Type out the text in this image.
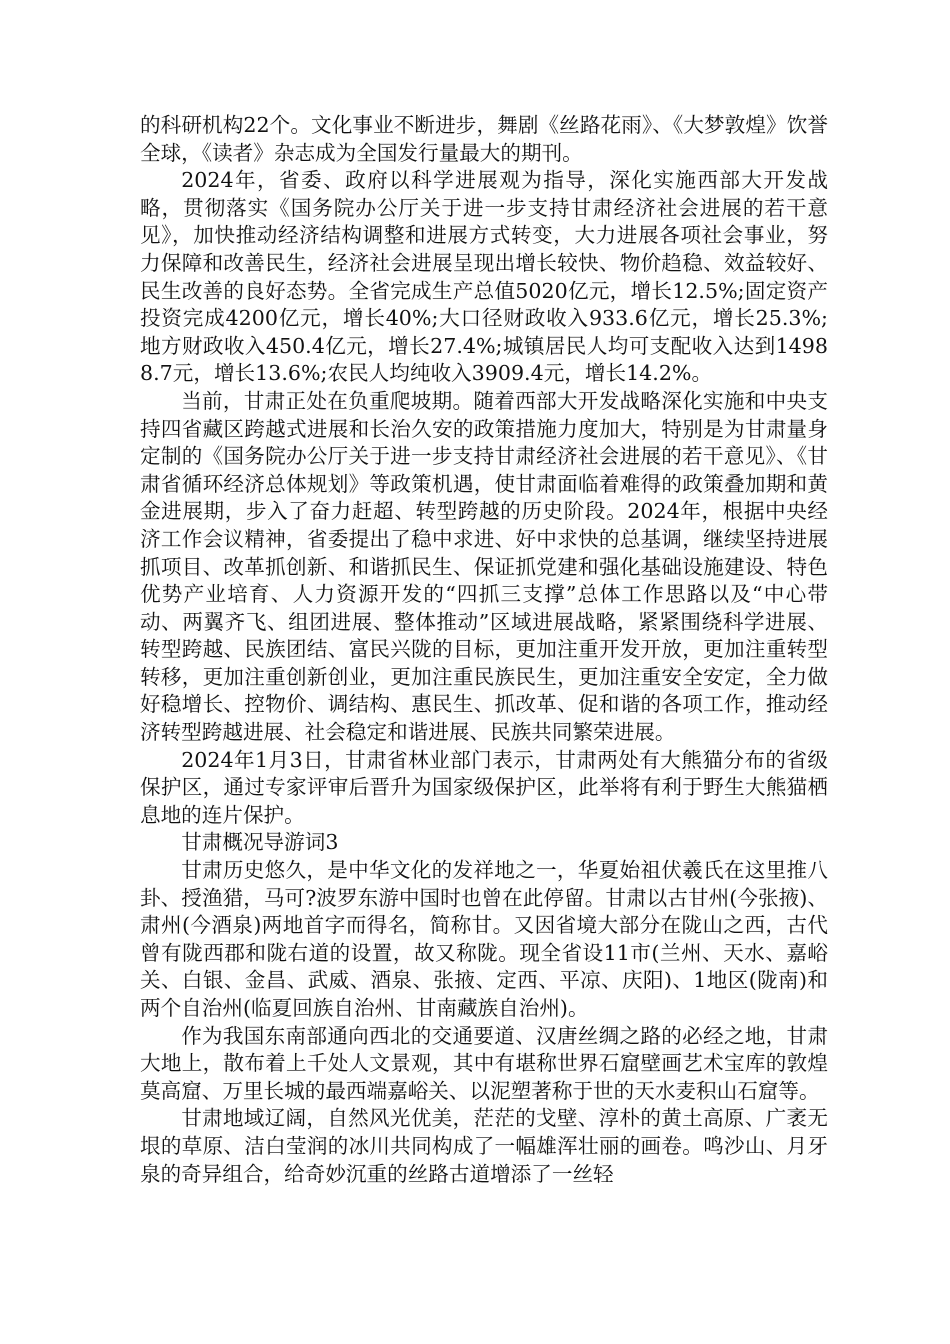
的科研机构22个。文化事业不断进步，舞剧《丝路花雨》、《大梦敦煌》饮誉全球，《读者》杂志成为全国发行量最大的期刊。

2024年，省委、政府以科学进展观为指导，深化实施西部大开发战略，贯彻落实《国务院办公厅关于进一步支持甘肃经济社会进展的若干意见》，加快推动经济结构调整和进展方式转变，大力进展各项社会事业，努力保障和改善民生，经济社会进展呈现出增长较快、物价趋稳、效益较好、民生改善的良好态势。全省完成生产总值5020亿元，增长12.5%;固定资产投资完成4200亿元，增长40%;大口径财政收入933.6亿元，增长25.3%;地方财政收入450.4亿元，增长27.4%;城镇居民人均可支配收入达到14988.7元，增长13.6%;农民人均纯收入3909.4元，增长14.2%。

当前，甘肃正处在负重爬坡期。随着西部大开发战略深化实施和中央支持四省藏区跨越式进展和长治久安的政策措施力度加大，特别是为甘肃量身定制的《国务院办公厅关于进一步支持甘肃经济社会进展的若干意见》、《甘肃省循环经济总体规划》等政策机遇，使甘肃面临着难得的政策叠加期和黄金进展期，步入了奋力赶超、转型跨越的历史阶段。2024年，根据中央经济工作会议精神，省委提出了稳中求进、好中求快的总基调，继续坚持进展抓项目、改革抓创新、和谐抓民生、保证抓党建和强化基础设施建设、特色优势产业培育、人力资源开发的“四抓三支撑”总体工作思路以及“中心带动、两翼齐飞、组团进展、整体推动”区域进展战略，紧紧围绕科学进展、转型跨越、民族团结、富民兴陇的目标，更加注重开发开放，更加注重转型转移，更加注重创新创业，更加注重民族民生，更加注重安全安定，全力做好稳增长、控物价、调结构、惠民生、抓改革、促和谐的各项工作，推动经济转型跨越进展、社会稳定和谐进展、民族共同繁荣进展。

2024年1月3日，甘肃省林业部门表示，甘肃两处有大熊猫分布的省级保护区，通过专家评审后晋升为国家级保护区，此举将有利于野生大熊猫栖息地的连片保护。

甘肃概况导游词3

甘肃历史悠久，是中华文化的发祥地之一，华夏始祖伏羲氏在这里推八卦、授渔猎，马可?波罗东游中国时也曾在此停留。甘肃以古甘州(今张掖)、肃州(今酒泉)两地首字而得名，简称甘。又因省境大部分在陇山之西，古代曾有陇西郡和陇右道的设置，故又称陇。现全省设11市(兰州、天水、嘉峪关、白银、金昌、武威、酒泉、张掖、定西、平凉、庆阳)、1地区(陇南)和两个自治州(临夏回族自治州、甘南藏族自治州)。

作为我国东南部通向西北的交通要道、汉唐丝绸之路的必经之地，甘肃大地上，散布着上千处人文景观，其中有堪称世界石窟壁画艺术宝库的敦煌莫高窟、万里长城的最西端嘉峪关、以泥塑著称于世的天水麦积山石窟等。

甘肃地域辽阔，自然风光优美，茫茫的戈壁、淳朴的黄土高原、广袤无垠的草原、洁白莹润的冰川共同构成了一幅雄浑壮丽的画卷。鸣沙山、月牙泉的奇异组合，给奇妙沉重的丝路古道增添了一丝轻
